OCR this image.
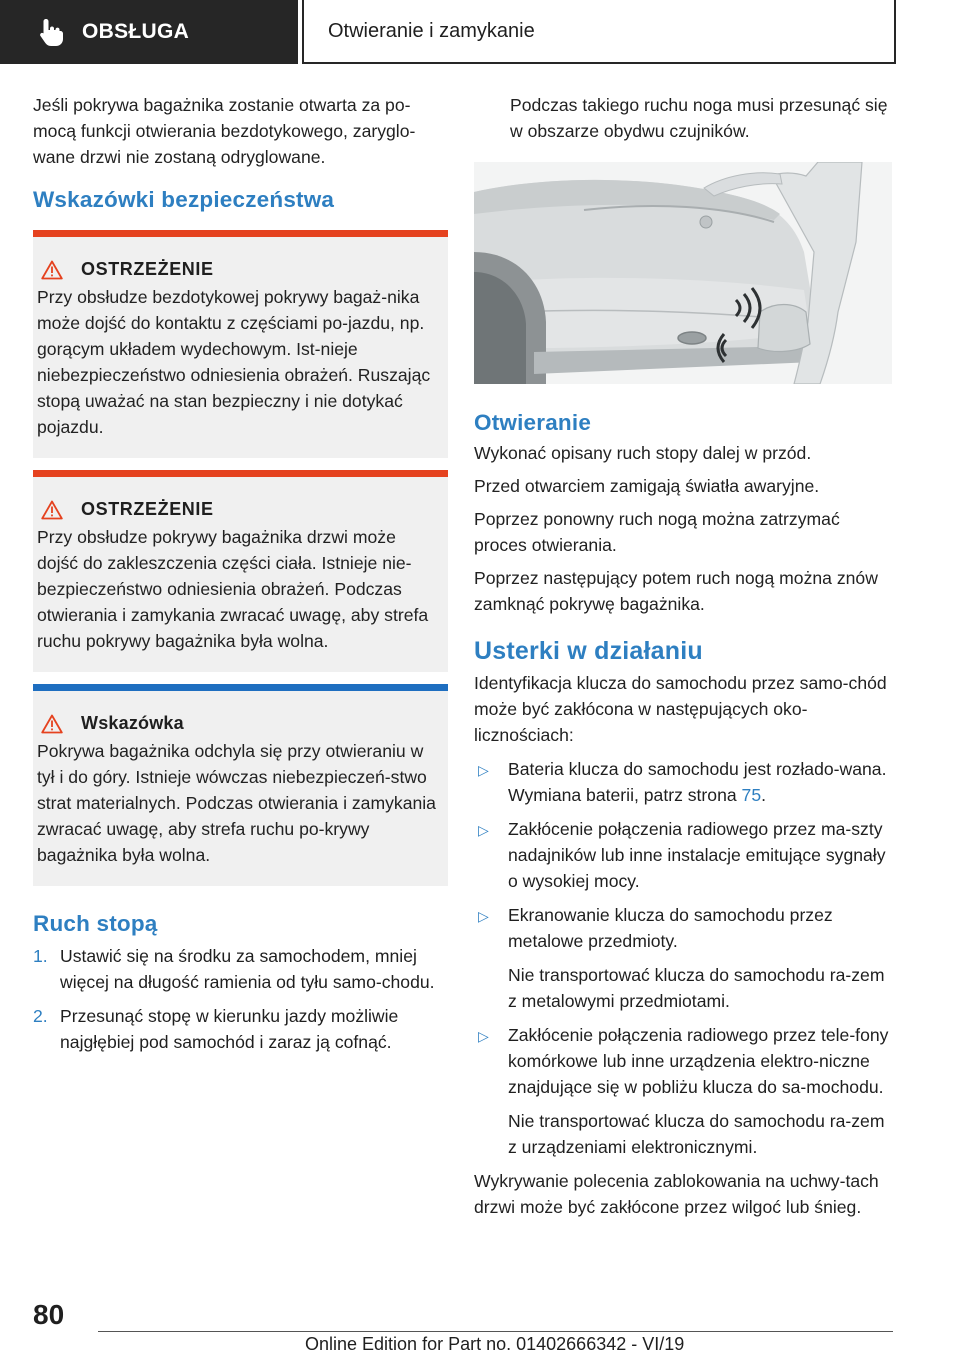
OBSŁUGA	Otwieranie i zamykanie

Jeśli pokrywa bagażnika zostanie otwarta za po-mocą funkcji otwierania bezdotykowego, zaryglo-wane drzwi nie zostaną odryglowane.

Wskazówki bezpieczeństwa
OSTRZEŻENIE

Przy obsłudze bezdotykowej pokrywy bagaż-nika może dojść do kontaktu z częściami po-jazdu, np. gorącym układem wydechowym. Ist-nieje niebezpieczeństwo odniesienia obrażeń. Ruszając stopą uważać na stan bezpieczny i nie dotykać pojazdu.

OSTRZEŻENIE

Przy obsłudze pokrywy bagażnika drzwi może dojść do zakleszczenia części ciała. Istnieje nie-bezpieczeństwo odniesienia obrażeń. Podczas otwierania i zamykania zwracać uwagę, aby strefa ruchu pokrywy bagażnika była wolna.

Wskazówka

Pokrywa bagażnika odchyla się przy otwieraniu w tył i do góry. Istnieje wówczas niebezpieczeń-stwo strat materialnych. Podczas otwierania i zamykania zwracać uwagę, aby strefa ruchu po-krywy bagażnika była wolna.

Ruch stopą
1. Ustawić się na środku za samochodem, mniej więcej na długość ramienia od tyłu samo-chodu.
2. Przesunąć stopę w kierunku jazdy możliwie najgłębiej pod samochód i zaraz ją cofnąć.

Podczas takiego ruchu noga musi przesunąć się w obszarze obydwu czujników.

Otwieranie

Wykonać opisany ruch stopy dalej w przód.

Przed otwarciem zamigają światła awaryjne.

Poprzez ponowny ruch nogą można zatrzymać proces otwierania.

Poprzez następujący potem ruch nogą można znów zamknąć pokrywę bagażnika.

Usterki w działaniu

Identyfikacja klucza do samochodu przez samo-chód może być zakłócona w następujących oko-licznościach:

▷	Bateria klucza do samochodu jest rozłado-wana. Wymiana baterii, patrz strona 75.

▷	Zakłócenie połączenia radiowego przez ma-szty nadajników lub inne instalacje emitujące sygnały o wysokiej mocy.

▷	Ekranowanie klucza do samochodu przez metalowe przedmioty.

Nie transportować klucza do samochodu ra-zem z metalowymi przedmiotami.

▷	Zakłócenie połączenia radiowego przez tele-fony komórkowe lub inne urządzenia elektro-niczne znajdujące się w pobliżu klucza do sa-mochodu.

Nie transportować klucza do samochodu ra-zem z urządzeniami elektronicznymi.

Wykrywanie polecenia zablokowania na uchwy-tach drzwi może być zakłócone przez wilgoć lub śnieg.

80
Online Edition for Part no. 01402666342 - VI/19
